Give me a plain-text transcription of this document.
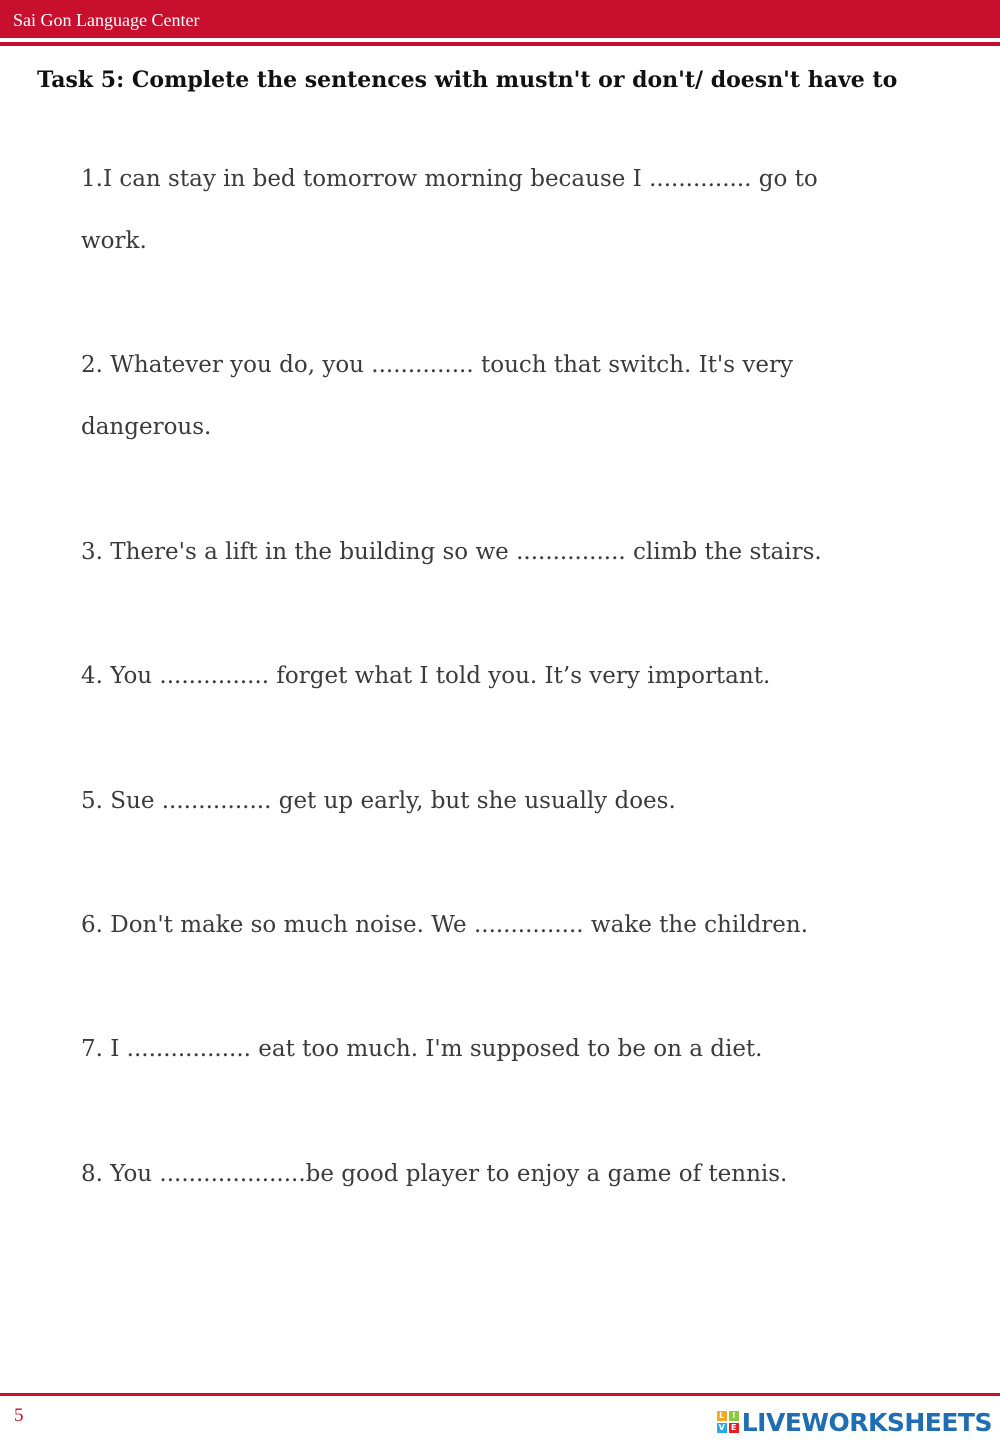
Sai Gon Language Center
Task 5: Complete the sentences with mustn't or don't/ doesn't have to
1.I can stay in bed tomorrow morning because I .............. go to
work.
2. Whatever you do, you .............. touch that switch. It's very
dangerous.
3. There's a lift in the building so we ............... climb the stairs.
4. You ............... forget what I told you. It’s very important.
5. Sue ............... get up early, but she usually does.
6. Don't make so much noise. We ............... wake the children.
7. I ................. eat too much. I'm supposed to be on a diet.
8. You ....................be good player to enjoy a game of tennis.
5	L I
V E LIVEWORKSHEETS
